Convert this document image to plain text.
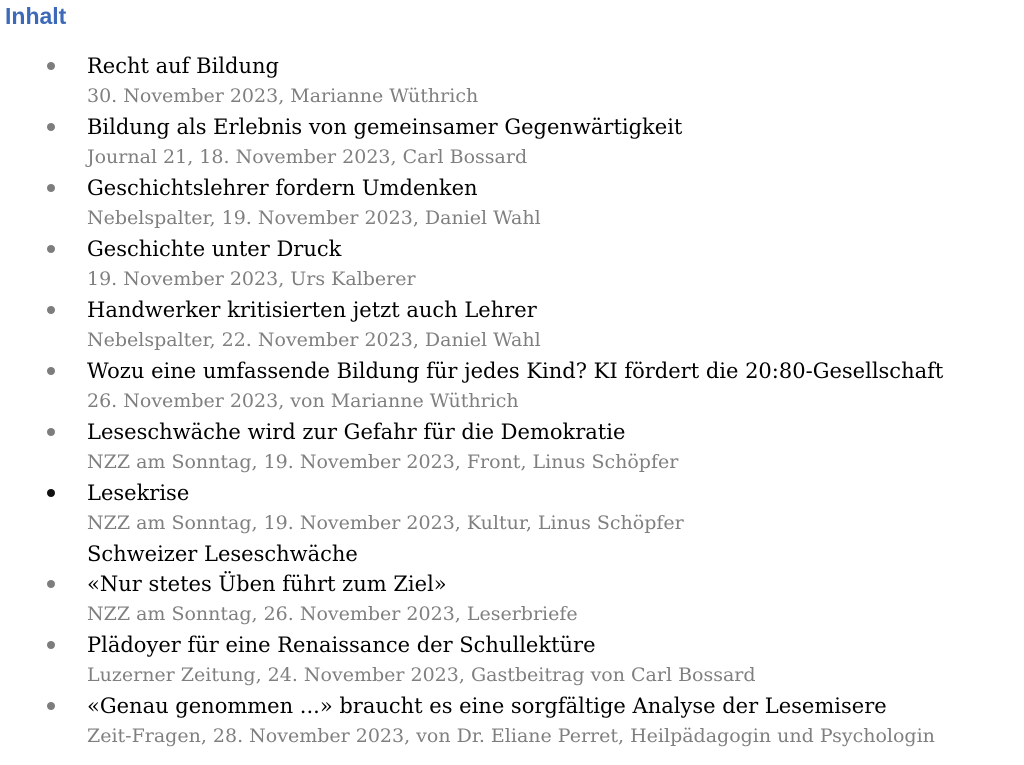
Inhalt
Recht auf Bildung
30. November 2023, Marianne Wüthrich
Bildung als Erlebnis von gemeinsamer Gegenwärtigkeit
Journal 21, 18. November 2023, Carl Bossard
Geschichtslehrer fordern Umdenken
Nebelspalter, 19. November 2023, Daniel Wahl
Geschichte unter Druck
19. November 2023, Urs Kalberer
Handwerker kritisierten jetzt auch Lehrer
Nebelspalter, 22. November 2023, Daniel Wahl
Wozu eine umfassende Bildung für jedes Kind? KI fördert die 20:80-Gesellschaft
26. November 2023, von Marianne Wüthrich
Leseschwäche wird zur Gefahr für die Demokratie
NZZ am Sonntag, 19. November 2023, Front, Linus Schöpfer
Lesekrise
NZZ am Sonntag, 19. November 2023, Kultur, Linus Schöpfer
Schweizer Leseschwäche
«Nur stetes Üben führt zum Ziel»
NZZ am Sonntag, 26. November 2023, Leserbriefe
Plädoyer für eine Renaissance der Schullektüre
Luzerner Zeitung, 24. November 2023, Gastbeitrag von Carl Bossard
«Genau genommen ...» braucht es eine sorgfältige Analyse der Lesemisere
Zeit-Fragen, 28. November 2023, von Dr. Eliane Perret, Heilpädagogin und Psychologin
